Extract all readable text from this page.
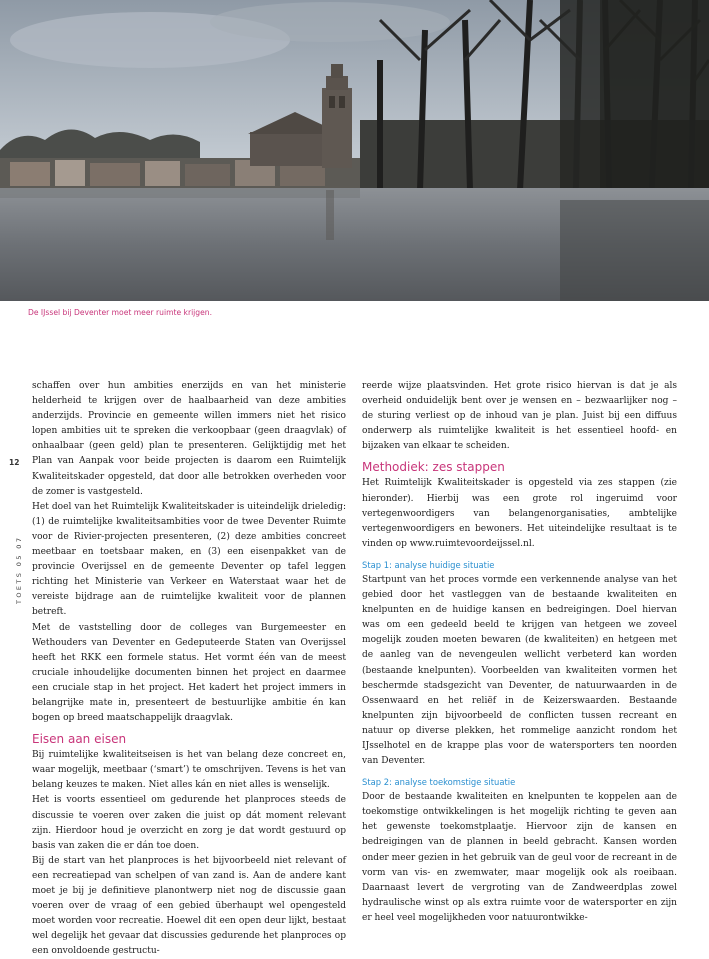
De IJssel bij Deventer moet meer ruimte krijgen.
12
TOETS 05 07

schaffen over hun ambities enerzijds en van het ministerie helderheid te krijgen over de haalbaarheid van deze ambities anderzijds. Provincie en gemeente willen immers niet het risico lopen ambities uit te spreken die verkoopbaar (geen draagvlak) of onhaalbaar (geen geld) plan te presenteren. Gelijktijdig met het Plan van Aanpak voor beide projecten is daarom een Ruimtelijk Kwaliteitskader opgesteld, dat door alle betrokken overheden voor de zomer is vastgesteld.

Het doel van het Ruimtelijk Kwaliteitskader is uiteindelijk drieledig: (1) de ruimtelijke kwaliteitsambities voor de twee Deventer Ruimte voor de Rivier-projecten presenteren, (2) deze ambities concreet meetbaar en toetsbaar maken, en (3) een eisenpakket van de provincie Overijssel en de gemeente Deventer op tafel leggen richting het Ministerie van Verkeer en Waterstaat waar het de vereiste bijdrage aan de ruimtelijke kwaliteit voor de plannen betreft.

Met de vaststelling door de colleges van Burgemeester en Wethouders van Deventer en Gedeputeerde Staten van Overijssel heeft het RKK een formele status. Het vormt één van de meest cruciale inhoudelijke documenten binnen het project en daarmee een cruciale stap in het project. Het kadert het project immers in belangrijke mate in, presenteert de bestuurlijke ambitie én kan bogen op breed maatschappelijk draagvlak.

Eisen aan eisen

Bij ruimtelijke kwaliteitseisen is het van belang deze concreet en, waar mogelijk, meetbaar (‘smart’) te omschrijven. Tevens is het van belang keuzes te maken. Niet alles kán en niet alles is wenselijk.

Het is voorts essentieel om gedurende het planproces steeds de discussie te voeren over zaken die juist op dát moment relevant zijn. Hierdoor houd je overzicht en zorg je dat wordt gestuurd op basis van zaken die er dán toe doen.

Bij de start van het planproces is het bijvoorbeeld niet relevant of een recreatiepad van schelpen of van zand is. Aan de andere kant moet je bij je definitieve planontwerp niet nog de discussie gaan voeren over de vraag of een gebied überhaupt wel opengesteld moet worden voor recreatie. Hoewel dit een open deur lijkt, bestaat wel degelijk het gevaar dat discussies gedurende het planproces op een onvoldoende gestructu-

reerde wijze plaatsvinden. Het grote risico hiervan is dat je als overheid onduidelijk bent over je wensen en – bezwaarlijker nog – de sturing verliest op de inhoud van je plan. Juist bij een diffuus onderwerp als ruimtelijke kwaliteit is het essentieel hoofd- en bijzaken van elkaar te scheiden.

Methodiek: zes stappen

Het Ruimtelijk Kwaliteitskader is opgesteld via zes stappen (zie hieronder). Hierbij was een grote rol ingeruimd voor vertegenwoordigers van belangenorganisaties, ambtelijke vertegenwoordigers en bewoners. Het uiteindelijke resultaat is te vinden op www.ruimtevoordeijssel.nl.

Stap 1: analyse huidige situatie

Startpunt van het proces vormde een verkennende analyse van het gebied door het vastleggen van de bestaande kwaliteiten en knelpunten en de huidige kansen en bedreigingen. Doel hiervan was om een gedeeld beeld te krijgen van hetgeen we zoveel mogelijk zouden moeten bewaren (de kwaliteiten) en hetgeen met de aanleg van de nevengeulen wellicht verbeterd kan worden (bestaande knelpunten). Voorbeelden van kwaliteiten vormen het beschermde stadsgezicht van Deventer, de natuurwaarden in de Ossenwaard en het reliëf in de Keizerswaarden. Bestaande knelpunten zijn bijvoorbeeld de conflicten tussen recreant en natuur op diverse plekken, het rommelige aanzicht rondom het IJsselhotel en de krappe plas voor de watersporters ten noorden van Deventer.

Stap 2: analyse toekomstige situatie

Door de bestaande kwaliteiten en knelpunten te koppelen aan de toekomstige ontwikkelingen is het mogelijk richting te geven aan het gewenste toekomstplaatje. Hiervoor zijn de kansen en bedreigingen van de plannen in beeld gebracht. Kansen worden onder meer gezien in het gebruik van de geul voor de recreant in de vorm van vis- en zwemwater, maar mogelijk ook als roeibaan. Daarnaast levert de vergroting van de Zandweerdplas zowel hydraulische winst op als extra ruimte voor de watersporter en zijn er heel veel mogelijkheden voor natuurontwikke-
